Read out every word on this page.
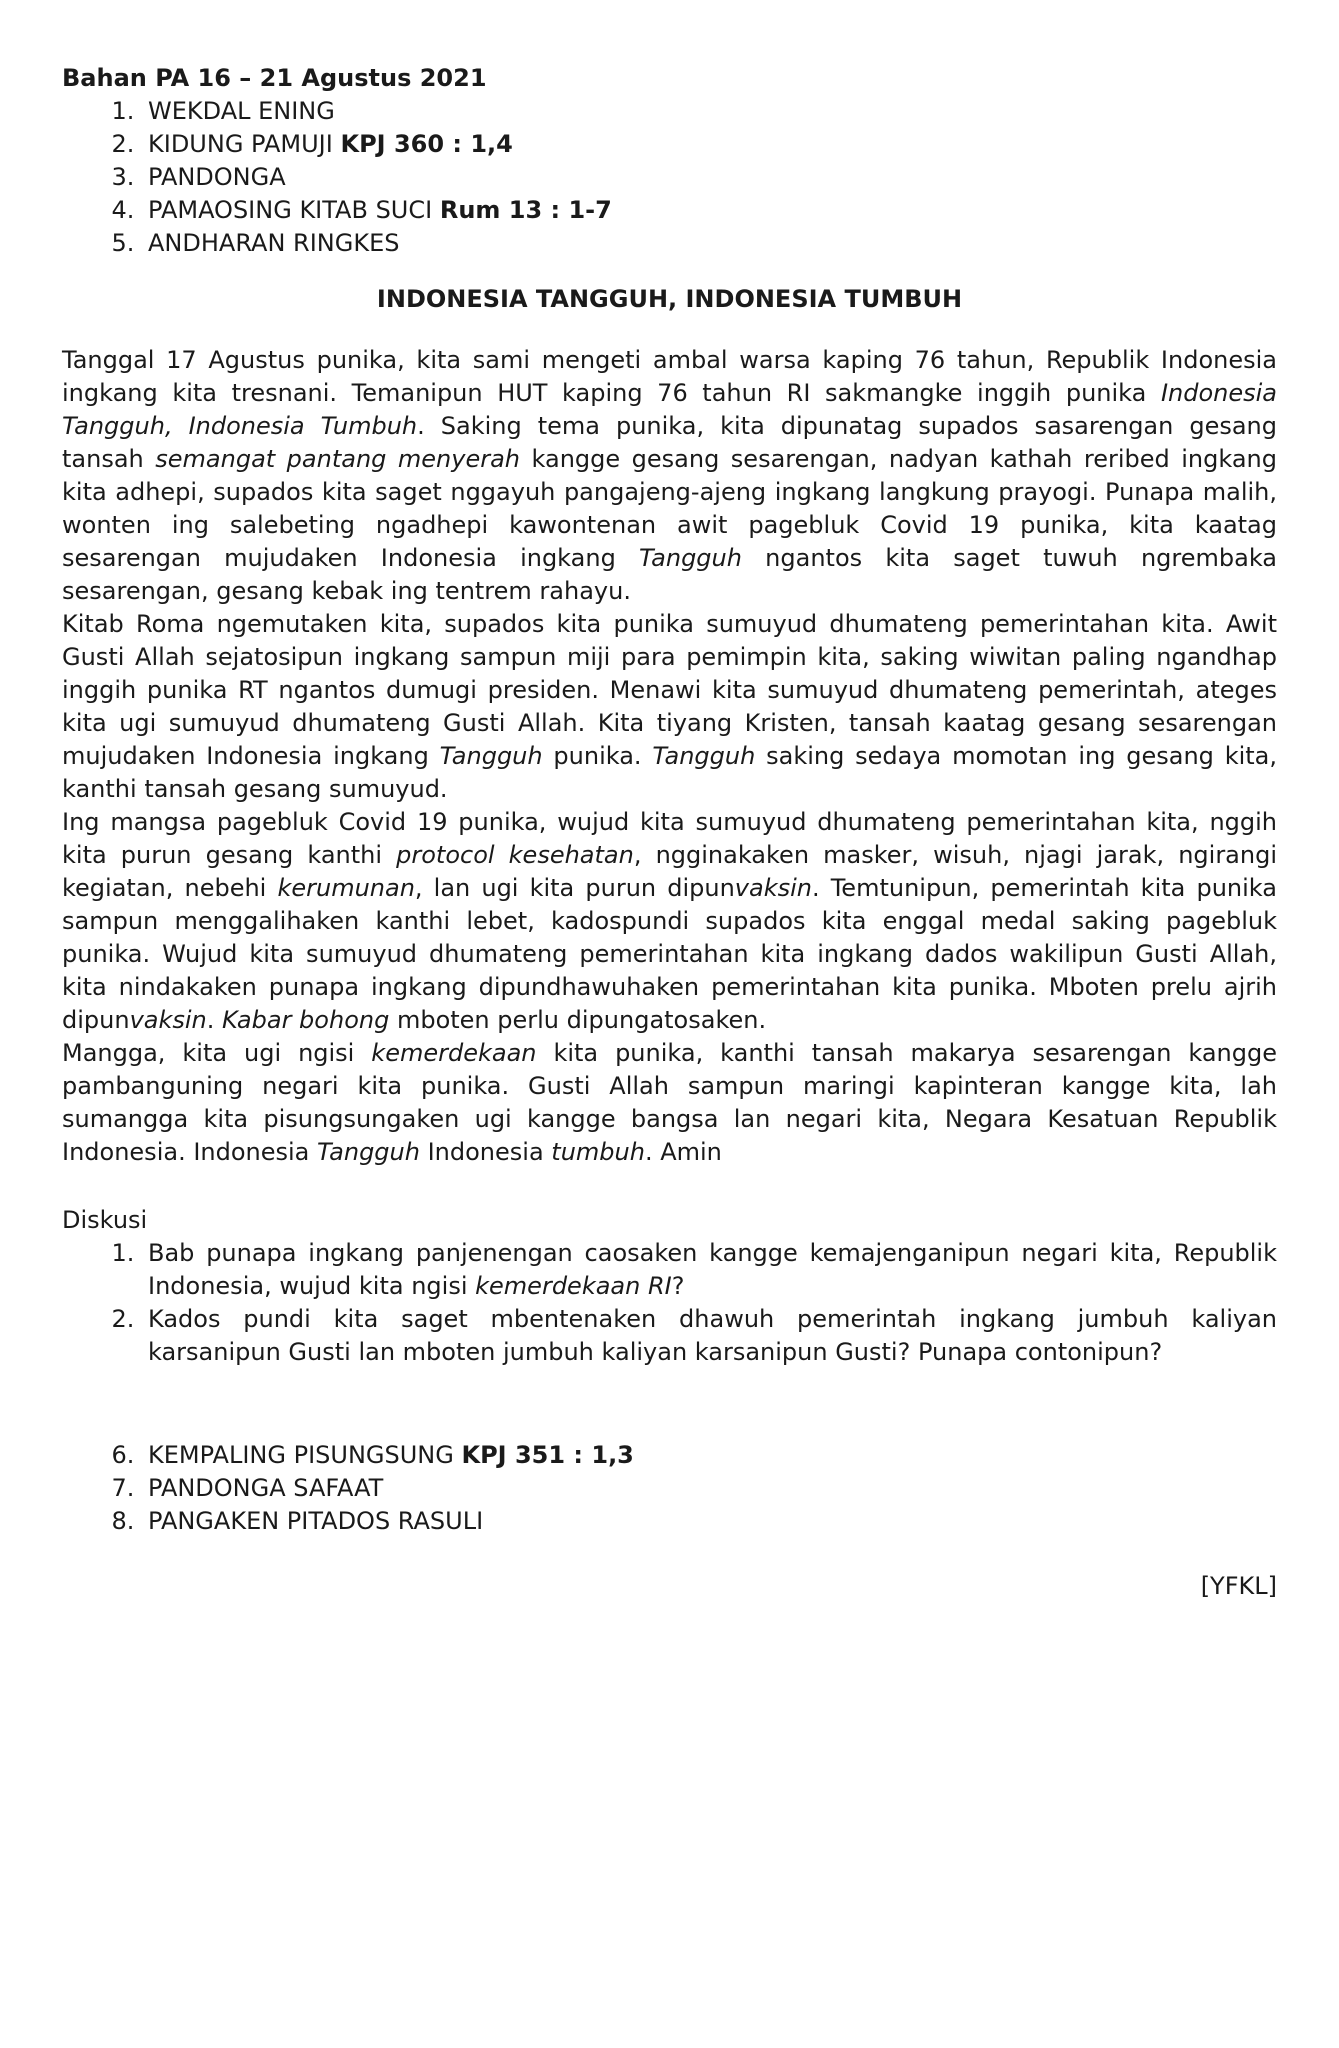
Bahan PA 16 – 21 Agustus 2021

1. WEKDAL ENING
2. KIDUNG PAMUJI KPJ 360 : 1,4
3. PANDONGA
4. PAMAOSING KITAB SUCI Rum 13 : 1-7
5. ANDHARAN RINGKES
INDONESIA TANGGUH, INDONESIA TUMBUH

Tanggal 17 Agustus punika, kita sami mengeti ambal warsa kaping 76 tahun, Republik Indonesia ingkang kita tresnani. Temanipun HUT kaping 76 tahun RI sakmangke inggih punika Indonesia Tangguh, Indonesia Tumbuh. Saking tema punika, kita dipunatag supados sasarengan gesang tansah semangat pantang menyerah kangge gesang sesarengan, nadyan kathah reribed ingkang kita adhepi, supados kita saget nggayuh pangajeng-ajeng ingkang langkung prayogi. Punapa malih, wonten ing salebeting ngadhepi kawontenan awit pagebluk Covid 19 punika, kita kaatag sesarengan mujudaken Indonesia ingkang Tangguh ngantos kita saget tuwuh ngrembaka sesarengan, gesang kebak ing tentrem rahayu.

Kitab Roma ngemutaken kita, supados kita punika sumuyud dhumateng pemerintahan kita. Awit Gusti Allah sejatosipun ingkang sampun miji para pemimpin kita, saking wiwitan paling ngandhap inggih punika RT ngantos dumugi presiden. Menawi kita sumuyud dhumateng pemerintah, ateges kita ugi sumuyud dhumateng Gusti Allah. Kita tiyang Kristen, tansah kaatag gesang sesarengan mujudaken Indonesia ingkang Tangguh punika. Tangguh saking sedaya momotan ing gesang kita, kanthi tansah gesang sumuyud.

Ing mangsa pagebluk Covid 19 punika, wujud kita sumuyud dhumateng pemerintahan kita, nggih kita purun gesang kanthi protocol kesehatan, ngginakaken masker, wisuh, njagi jarak, ngirangi kegiatan, nebehi kerumunan, lan ugi kita purun dipunvaksin. Temtunipun, pemerintah kita punika sampun menggalihaken kanthi lebet, kadospundi supados kita enggal medal saking pagebluk punika. Wujud kita sumuyud dhumateng pemerintahan kita ingkang dados wakilipun Gusti Allah, kita nindakaken punapa ingkang dipundhawuhaken pemerintahan kita punika. Mboten prelu ajrih dipunvaksin. Kabar bohong mboten perlu dipungatosaken.

Mangga, kita ugi ngisi kemerdekaan kita punika, kanthi tansah makarya sesarengan kangge pambanguning negari kita punika. Gusti Allah sampun maringi kapinteran kangge kita, lah sumangga kita pisungsungaken ugi kangge bangsa lan negari kita, Negara Kesatuan Republik Indonesia. Indonesia Tangguh Indonesia tumbuh. Amin

Diskusi
1. Bab punapa ingkang panjenengan caosaken kangge kemajenganipun negari kita, Republik Indonesia, wujud kita ngisi kemerdekaan RI?
2. Kados pundi kita saget mbentenaken dhawuh pemerintah ingkang jumbuh kaliyan karsanipun Gusti lan mboten jumbuh kaliyan karsanipun Gusti? Punapa contonipun?
6. KEMPALING PISUNGSUNG KPJ 351 : 1,3
7. PANDONGA SAFAAT
8. PANGAKEN PITADOS RASULI
[YFKL]
